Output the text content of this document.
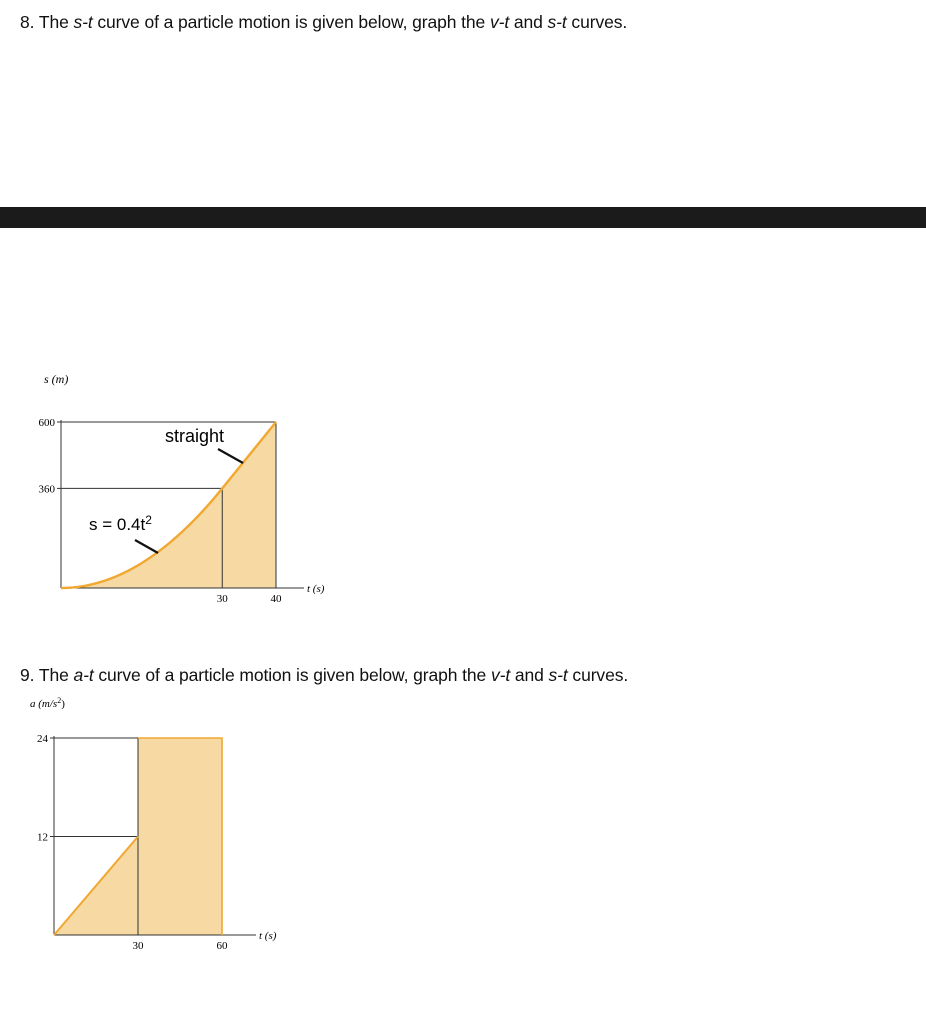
8. The s-t curve of a particle motion is given below, graph the v-t and s-t curves.
s (m)
600
360
30	40
t (s)
straight
$s = 0.4t^2$
9. The a-t curve of a particle motion is given below, graph the v-t and s-t curves.
a $(m/s^2)$
24
12
30	60
t (s)
